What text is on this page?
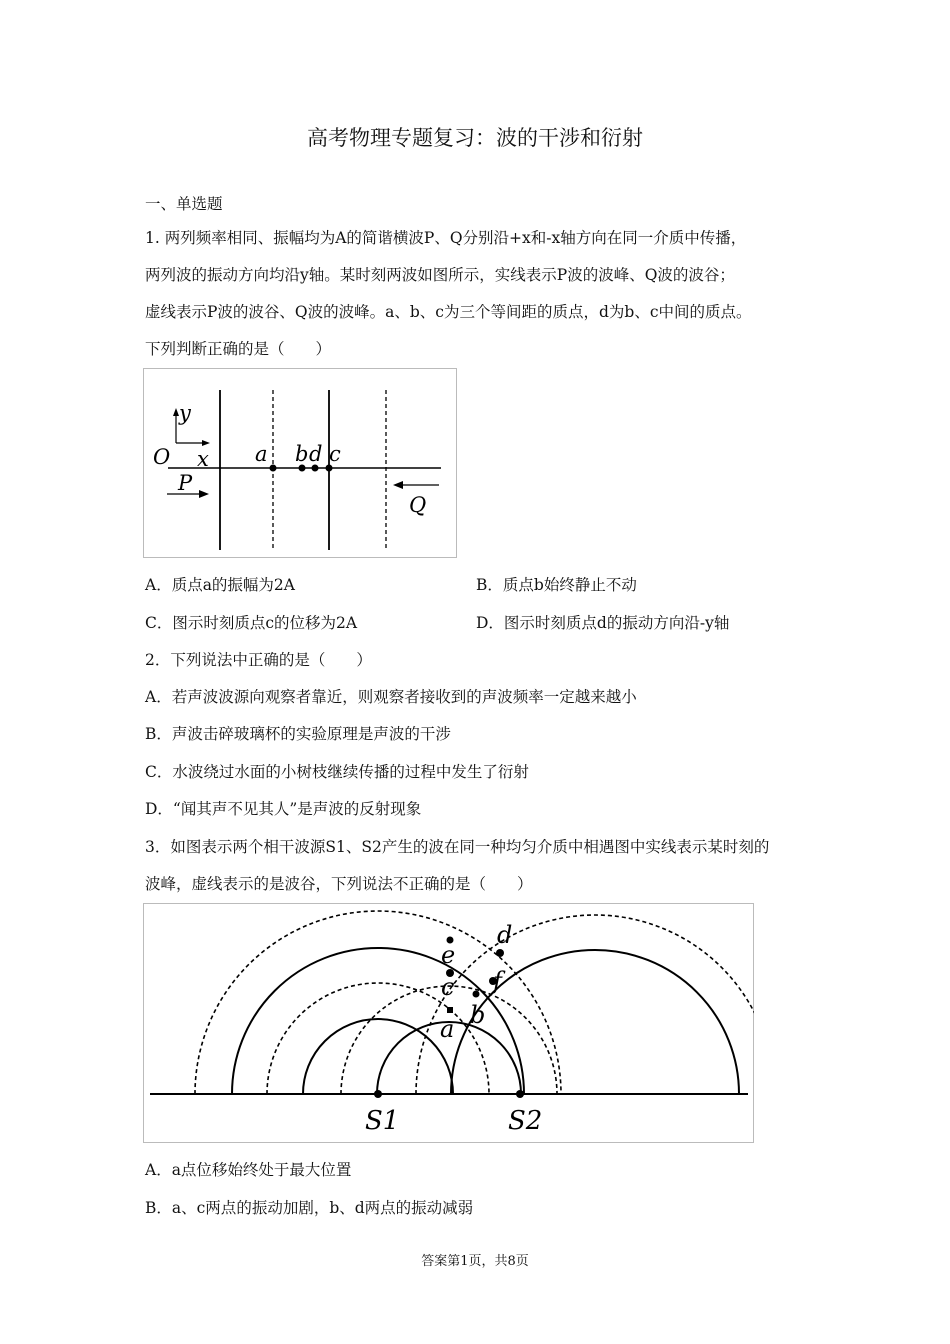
高考物理专题复习：波的干涉和衍射
一、单选题
1. 两列频率相同、振幅均为A的简谐横波P、Q分别沿+x和-x轴方向在同一介质中传播，
两列波的振动方向均沿y轴。某时刻两波如图所示，实线表示P波的波峰、Q波的波谷；
虚线表示P波的波谷、Q波的波峰。a、b、c为三个等间距的质点，d为b、c中间的质点。
下列判断正确的是（　　）
y
O x
P
Q
a b d c
A．质点a的振幅为2A	B．质点b始终静止不动
C．图示时刻质点c的位移为2A	D．图示时刻质点d的振动方向沿-y轴
2．下列说法中正确的是（　　）
A．若声波波源向观察者靠近，则观察者接收到的声波频率一定越来越小
B．声波击碎玻璃杯的实验原理是声波的干涉
C．水波绕过水面的小树枝继续传播的过程中发生了衍射
D．“闻其声不见其人”是声波的反射现象
3．如图表示两个相干波源S1、S2产生的波在同一种均匀介质中相遇图中实线表示某时刻的
波峰，虚线表示的是波谷，下列说法不正确的是（　　）
d
e
c f
b
a
S1	S2
A．a点位移始终处于最大位置
B．a、c两点的振动加剧，b、d两点的振动减弱
答案第1页，共8页
